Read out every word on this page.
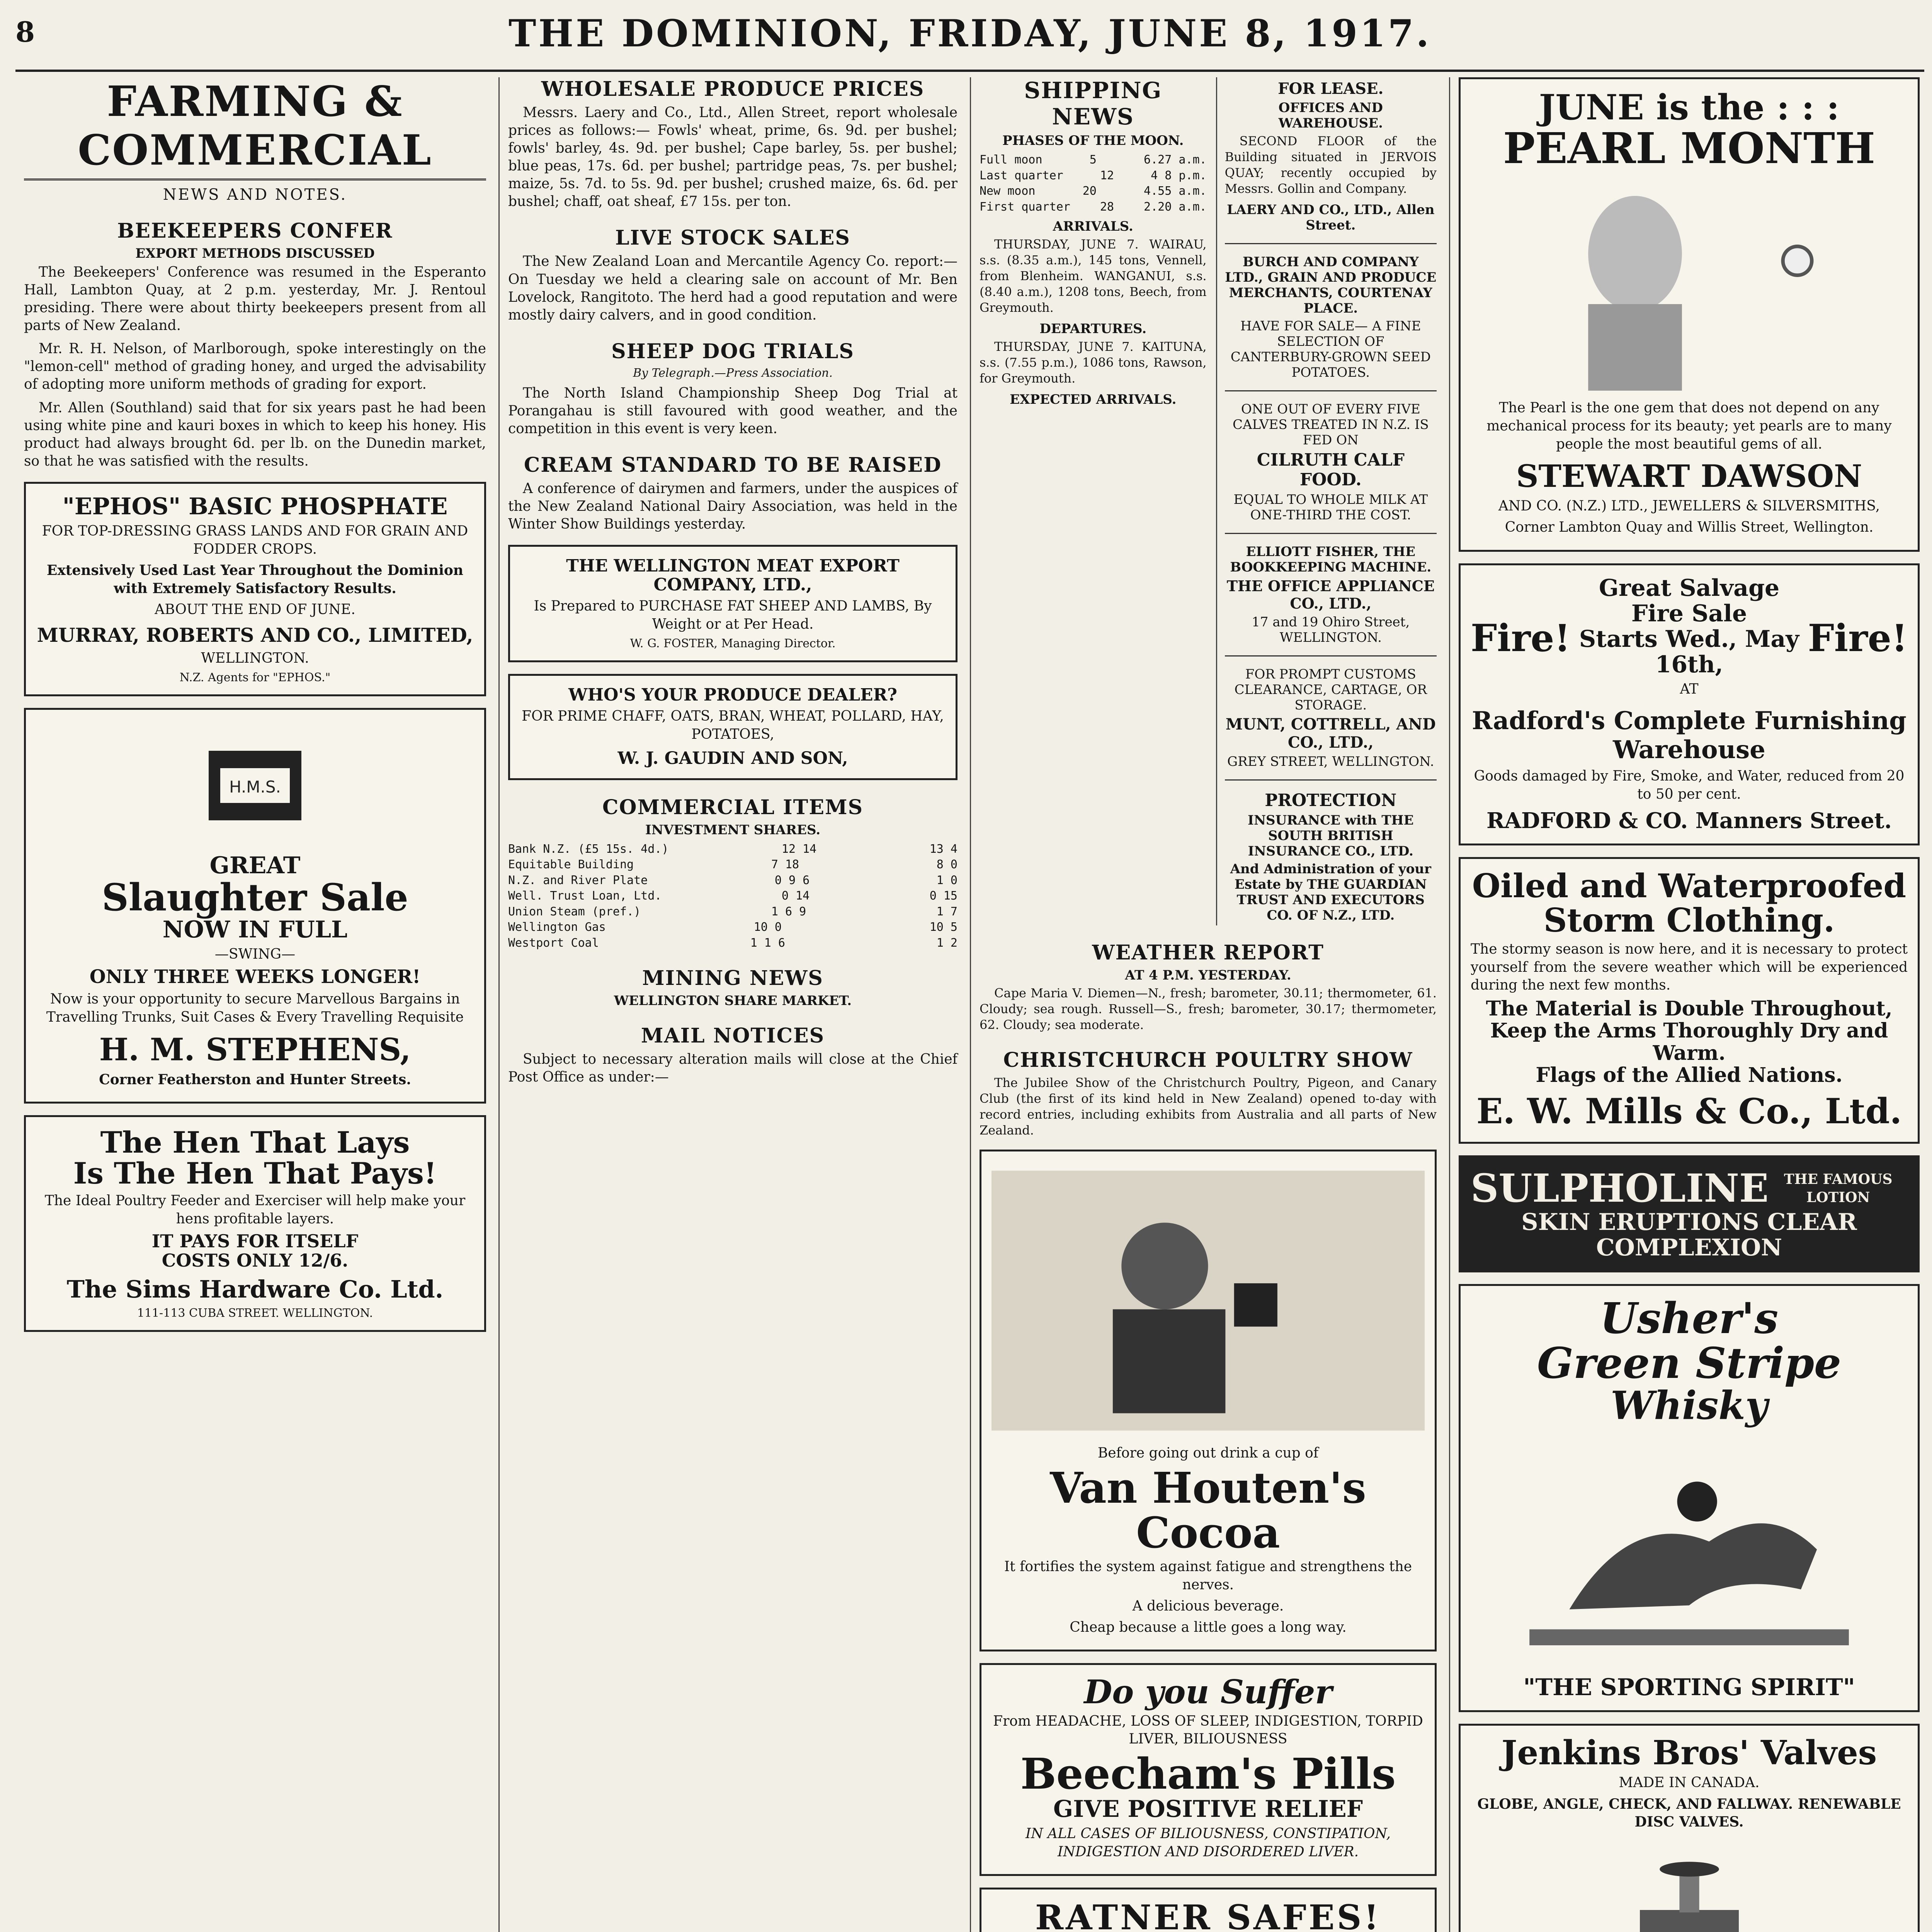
8	THE DOMINION, FRIDAY, JUNE 8, 1917.
FARMING & COMMERCIAL
NEWS AND NOTES.
BEEKEEPERS CONFER
EXPORT METHODS DISCUSSED

The Beekeepers' Conference was resumed in the Esperanto Hall, Lambton Quay, at 2 p.m. yesterday, Mr. J. Rentoul presiding. There were about thirty beekeepers present from all parts of New Zealand.

Mr. R. H. Nelson, of Marlborough, spoke interestingly on the "lemon-cell" method of grading honey, and urged the advisability of adopting more uniform methods of grading for export.

Mr. Allen (Southland) said that for six years past he had been using white pine and kauri boxes in which to keep his honey. His product had always brought 6d. per lb. on the Dunedin market, so that he was satisfied with the results.

"EPHOS" BASIC PHOSPHATE
FOR TOP-DRESSING GRASS LANDS AND FOR GRAIN AND FODDER CROPS.
Extensively Used Last Year Throughout the Dominion with Extremely Satisfactory Results.
ABOUT THE END OF JUNE.
MURRAY, ROBERTS AND CO., LIMITED,
WELLINGTON.
N.Z. Agents for "EPHOS."
H.M.S.
GREAT
Slaughter Sale
NOW IN FULL
—SWING—
ONLY THREE WEEKS LONGER!
Now is your opportunity to secure Marvellous Bargains in Travelling Trunks, Suit Cases & Every Travelling Requisite
H. M. STEPHENS,
Corner Featherston and Hunter Streets.
The Hen That Lays
Is The Hen That Pays!
The Ideal Poultry Feeder and Exerciser will help make your hens profitable layers.
IT PAYS FOR ITSELF
COSTS ONLY 12/6.
The Sims Hardware Co. Ltd.
111-113 CUBA STREET. WELLINGTON.
WHOLESALE PRODUCE PRICES

Messrs. Laery and Co., Ltd., Allen Street, report wholesale prices as follows:— Fowls' wheat, prime, 6s. 9d. per bushel; fowls' barley, 4s. 9d. per bushel; Cape barley, 5s. per bushel; blue peas, 17s. 6d. per bushel; partridge peas, 7s. per bushel; maize, 5s. 7d. to 5s. 9d. per bushel; crushed maize, 6s. 6d. per bushel; chaff, oat sheaf, £7 15s. per ton.

LIVE STOCK SALES

The New Zealand Loan and Mercantile Agency Co. report:—On Tuesday we held a clearing sale on account of Mr. Ben Lovelock, Rangitoto. The herd had a good reputation and were mostly dairy calvers, and in good condition.

SHEEP DOG TRIALS
By Telegraph.—Press Association.

The North Island Championship Sheep Dog Trial at Porangahau is still favoured with good weather, and the competition in this event is very keen.

CREAM STANDARD TO BE RAISED

A conference of dairymen and farmers, under the auspices of the New Zealand National Dairy Association, was held in the Winter Show Buildings yesterday.

THE WELLINGTON MEAT EXPORT COMPANY, LTD.,
Is Prepared to PURCHASE FAT SHEEP AND LAMBS, By Weight or at Per Head.
W. G. FOSTER, Managing Director.
WHO'S YOUR PRODUCE DEALER?
FOR PRIME CHAFF, OATS, BRAN, WHEAT, POLLARD, HAY, POTATOES,
W. J. GAUDIN AND SON,
COMMERCIAL ITEMS
INVESTMENT SHARES.
Bank N.Z. (£5 15s. 4d.)	12 14	13 4
Equitable Building	7 18	8 0
N.Z. and River Plate	0 9 6	1 0
Well. Trust Loan, Ltd.	0 14	0 15
Union Steam (pref.)	1 6 9	1 7
Wellington Gas	10 0	10 5
Westport Coal	1 1 6	1 2
MINING NEWS
WELLINGTON SHARE MARKET.
MAIL NOTICES

Subject to necessary alteration mails will close at the Chief Post Office as under:—

SHIPPING NEWS
PHASES OF THE MOON.
Full moon	5	6.27 a.m.
Last quarter	12	4 8 p.m.
New moon	20	4.55 a.m.
First quarter	28	2.20 a.m.
ARRIVALS.

THURSDAY, JUNE 7. WAIRAU, s.s. (8.35 a.m.), 145 tons, Vennell, from Blenheim. WANGANUI, s.s. (8.40 a.m.), 1208 tons, Beech, from Greymouth.

DEPARTURES.

THURSDAY, JUNE 7. KAITUNA, s.s. (7.55 p.m.), 1086 tons, Rawson, for Greymouth.

EXPECTED ARRIVALS.
FOR LEASE.
OFFICES AND WAREHOUSE.

SECOND FLOOR of the Building situated in JERVOIS QUAY; recently occupied by Messrs. Gollin and Company.

LAERY AND CO., LTD., Allen Street.
BURCH AND COMPANY LTD., GRAIN AND PRODUCE MERCHANTS, COURTENAY PLACE.
HAVE FOR SALE— A FINE SELECTION OF CANTERBURY-GROWN SEED POTATOES.
ONE OUT OF EVERY FIVE CALVES TREATED IN N.Z. IS FED ON
CILRUTH CALF FOOD.
EQUAL TO WHOLE MILK AT ONE-THIRD THE COST.
ELLIOTT FISHER, THE BOOKKEEPING MACHINE.
THE OFFICE APPLIANCE CO., LTD.,
17 and 19 Ohiro Street, WELLINGTON.
FOR PROMPT CUSTOMS CLEARANCE, CARTAGE, OR STORAGE.
MUNT, COTTRELL, AND CO., LTD.,
GREY STREET, WELLINGTON.
PROTECTION
INSURANCE with THE SOUTH BRITISH INSURANCE CO., LTD.
And Administration of your Estate by THE GUARDIAN TRUST AND EXECUTORS CO. OF N.Z., LTD.
WEATHER REPORT
AT 4 P.M. YESTERDAY.

Cape Maria V. Diemen—N., fresh; barometer, 30.11; thermometer, 61. Cloudy; sea rough. Russell—S., fresh; barometer, 30.17; thermometer, 62. Cloudy; sea moderate.

CHRISTCHURCH POULTRY SHOW

The Jubilee Show of the Christchurch Poultry, Pigeon, and Canary Club (the first of its kind held in New Zealand) opened to-day with record entries, including exhibits from Australia and all parts of New Zealand.

Before going out drink a cup of
Van Houten's Cocoa
It fortifies the system against fatigue and strengthens the nerves.
A delicious beverage.
Cheap because a little goes a long way.
Do you Suffer
From HEADACHE, LOSS OF SLEEP, INDIGESTION, TORPID LIVER, BILIOUSNESS
Beecham's Pills
GIVE POSITIVE RELIEF
IN ALL CASES OF BILIOUSNESS, CONSTIPATION, INDIGESTION AND DISORDERED LIVER.
RATNER SAFES!
JUNE is the : : :
PEARL MONTH
The Pearl is the one gem that does not depend on any mechanical process for its beauty; yet pearls are to many people the most beautiful gems of all.
STEWART DAWSON
AND CO. (N.Z.) LTD., JEWELLERS & SILVERSMITHS,
Corner Lambton Quay and Willis Street, Wellington.
Fire!
Great Salvage Fire Sale
Starts Wed., May 16th,
AT
Fire!
Radford's Complete Furnishing Warehouse
Goods damaged by Fire, Smoke, and Water, reduced from 20 to 50 per cent.
RADFORD & CO. Manners Street.
Oiled and Waterproofed Storm Clothing.
The stormy season is now here, and it is necessary to protect yourself from the severe weather which will be experienced during the next few months.
The Material is Double Throughout,
Keep the Arms Thoroughly Dry and Warm.
Flags of the Allied Nations.
E. W. Mills & Co., Ltd.
SULPHOLINE	THE FAMOUS LOTION
SKIN ERUPTIONS CLEAR COMPLEXION
Usher's
Green Stripe
Whisky
"THE SPORTING SPIRIT"
Jenkins Bros' Valves
MADE IN CANADA.
GLOBE, ANGLE, CHECK, AND FALLWAY. RENEWABLE DISC VALVES.
